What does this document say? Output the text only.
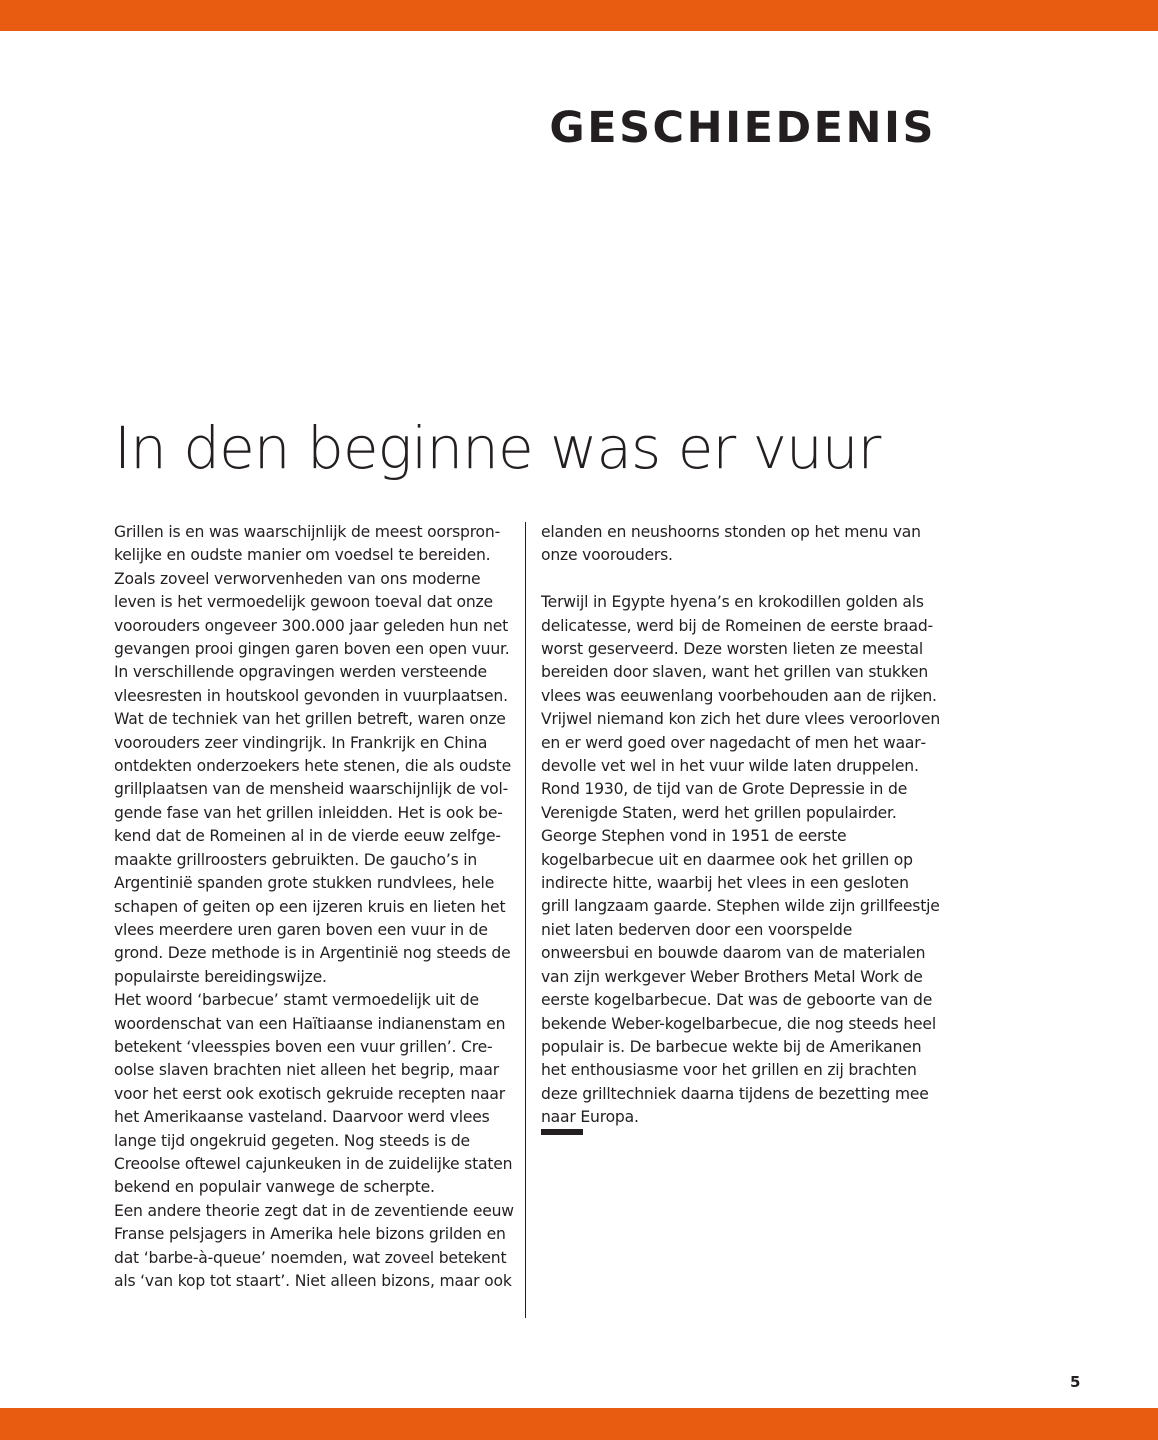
GESCHIEDENIS
In den beginne was er vuur

Grillen is en was waarschijnlijk de meest oorspronkelijke en oudste manier om voedsel te bereiden. Zoals zoveel verworvenheden van ons moderne leven is het vermoedelijk gewoon toeval dat onze voorouders ongeveer 300.000 jaar geleden hun net gevangen prooi gingen garen boven een open vuur. In verschillende opgravingen werden versteende vleesresten in houtskool gevonden in vuurplaatsen.

Wat de techniek van het grillen betreft, waren onze voorouders zeer vindingrijk. In Frankrijk en China ontdekten onderzoekers hete stenen, die als oudste grillplaatsen van de mensheid waarschijnlijk de volgende fase van het grillen inleidden. Het is ook bekend dat de Romeinen al in de vierde eeuw zelfgemaakte grillroosters gebruikten. De gaucho’s in Argentinië spanden grote stukken rundvlees, hele schapen of geiten op een ijzeren kruis en lieten het vlees meerdere uren garen boven een vuur in de grond. Deze methode is in Argentinië nog steeds de populairste bereidingswijze.

Het woord ‘barbecue’ stamt vermoedelijk uit de woordenschat van een Haïtiaanse indianenstam en betekent ‘vleesspies boven een vuur grillen’. Creoolse slaven brachten niet alleen het begrip, maar voor het eerst ook exotisch gekruide recepten naar het Amerikaanse vasteland. Daarvoor werd vlees lange tijd ongekruid gegeten. Nog steeds is de Creoolse oftewel cajunkeuken in de zuidelijke staten bekend en populair vanwege de scherpte.

Een andere theorie zegt dat in de zeventiende eeuw Franse pelsjagers in Amerika hele bizons grilden en dat ‘barbe-à-queue’ noemden, wat zoveel betekent als ‘van kop tot staart’. Niet alleen bizons, maar ook

elanden en neushoorns stonden op het menu van onze voorouders.

Terwijl in Egypte hyena’s en krokodillen golden als delicatesse, werd bij de Romeinen de eerste braadworst geserveerd. Deze worsten lieten ze meestal bereiden door slaven, want het grillen van stukken vlees was eeuwenlang voorbehouden aan de rijken. Vrijwel niemand kon zich het dure vlees veroorloven en er werd goed over nagedacht of men het waardevolle vet wel in het vuur wilde laten druppelen.

Rond 1930, de tijd van de Grote Depressie in de Verenigde Staten, werd het grillen populairder. George Stephen vond in 1951 de eerste kogelbarbecue uit en daarmee ook het grillen op indirecte hitte, waarbij het vlees in een gesloten grill langzaam gaarde. Stephen wilde zijn grillfeestje niet laten bederven door een voorspelde onweersbui en bouwde daarom van de materialen van zijn werkgever Weber Brothers Metal Work de eerste kogelbarbecue. Dat was de geboorte van de bekende Weber-kogelbarbecue, die nog steeds heel populair is. De barbecue wekte bij de Amerikanen het enthousiasme voor het grillen en zij brachten deze grilltechniek daarna tijdens de bezetting mee naar Europa.

5
